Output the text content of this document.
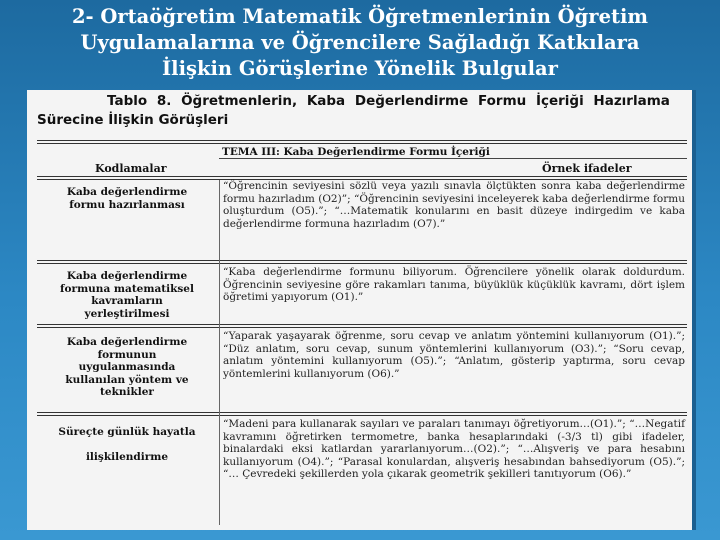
2- Ortaöğretim Matematik Öğretmenlerinin Öğretim
Uygulamalarına ve Öğrencilere Sağladığı Katkılara
İlişkin Görüşlerine Yönelik Bulgular
Tablo 8. Öğretmenlerin, Kaba Değerlendirme Formu İçeriği Hazırlama
Sürecine İlişkin Görüşleri
TEMA III: Kaba Değerlendirme Formu İçeriği
Kodlamalar	Örnek ifadeler
Kaba değerlendirme
formu hazırlanması
“Öğrencinin seviyesini sözlü veya yazılı sınavla ölçtükten sonra kaba değerlendirme formu hazırladım (O2)”; “Öğrencinin seviyesini inceleyerek kaba değerlendirme formu oluşturdum (O5).”; “…Matematik konularını en basit düzeye indirgedim ve kaba değerlendirme formuna hazırladım (O7).”
Kaba değerlendirme
formuna matematiksel
kavramların
yerleştirilmesi
“Kaba değerlendirme formunu biliyorum. Öğrencilere yönelik olarak doldurdum. Öğrencinin seviyesine göre rakamları tanıma, büyüklük küçüklük kavramı, dört işlem öğretimi yapıyorum (O1).”
Kaba değerlendirme
formunun
uygulanmasında
kullanılan yöntem ve
teknikler
“Yaparak yaşayarak öğrenme, soru cevap ve anlatım yöntemini kullanıyorum (O1).”; “Düz anlatım, soru cevap, sunum yöntemlerini kullanıyorum (O3).”; “Soru cevap, anlatım yöntemini kullanıyorum (O5).”; “Anlatım, gösterip yaptırma, soru cevap yöntemlerini kullanıyorum (O6).”
Süreçte günlük hayatla
ilişkilendirme
“Madeni para kullanarak sayıları ve paraları tanımayı öğretiyorum…(O1).”; “…Negatif kavramını öğretirken termometre, banka hesaplarındaki (-3/3 tl) gibi ifadeler, binalardaki eksi katlardan yararlanıyorum…(O2).”; “…Alışveriş ve para hesabını kullanıyorum (O4).”; “Parasal konulardan, alışveriş hesabından bahsediyorum (O5).”; “… Çevredeki şekillerden yola çıkarak geometrik şekilleri tanıtıyorum (O6).”
